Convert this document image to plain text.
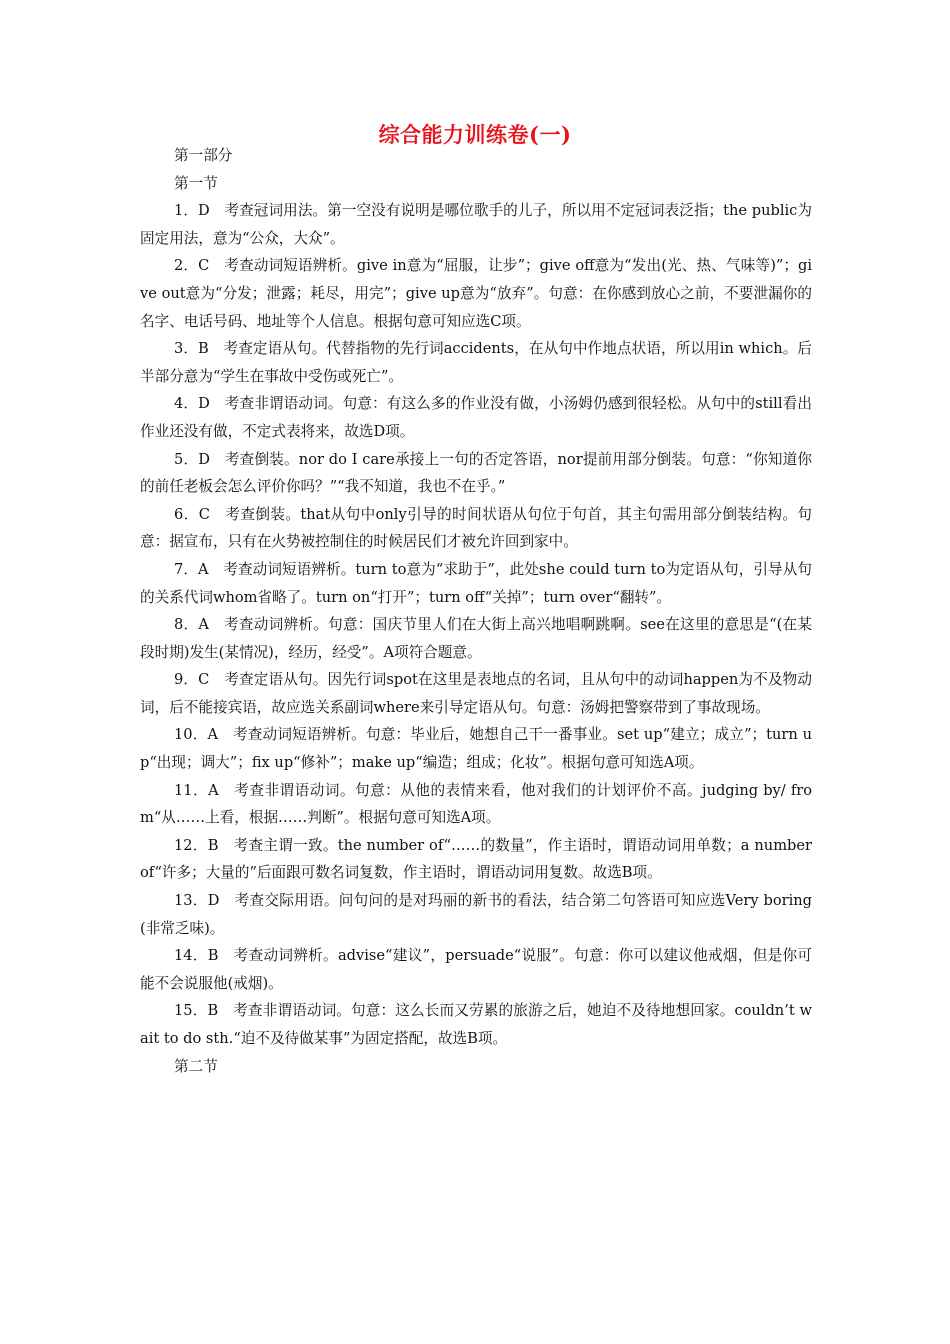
综合能力训练卷(一)

第一部分

第一节

1．D　考查冠词用法。第一空没有说明是哪位歌手的儿子，所以用不定冠词表泛指；the public为固定用法，意为“公众，大众”。

2．C　考查动词短语辨析。give in意为“屈服，让步”；give off意为“发出(光、热、气味等)”；give out意为“分发；泄露；耗尽，用完”；give up意为“放弃”。句意：在你感到放心之前，不要泄漏你的名字、电话号码、地址等个人信息。根据句意可知应选C项。

3．B　考查定语从句。代替指物的先行词accidents，在从句中作地点状语，所以用in which。后半部分意为“学生在事故中受伤或死亡”。

4．D　考查非谓语动词。句意：有这么多的作业没有做，小汤姆仍感到很轻松。从句中的still看出作业还没有做，不定式表将来，故选D项。

5．D　考查倒装。nor do I care承接上一句的否定答语，nor提前用部分倒装。句意：“你知道你的前任老板会怎么评价你吗？”“我不知道，我也不在乎。”

6．C　考查倒装。that从句中only引导的时间状语从句位于句首，其主句需用部分倒装结构。句意：据宣布，只有在火势被控制住的时候居民们才被允许回到家中。

7．A　考查动词短语辨析。turn to意为“求助于”，此处she could turn to为定语从句，引导从句的关系代词whom省略了。turn on“打开”；turn off“关掉”；turn over“翻转”。

8．A　考查动词辨析。句意：国庆节里人们在大街上高兴地唱啊跳啊。see在这里的意思是“(在某段时期)发生(某情况)，经历，经受”。A项符合题意。

9．C　考查定语从句。因先行词spot在这里是表地点的名词，且从句中的动词happen为不及物动词，后不能接宾语，故应选关系副词where来引导定语从句。句意：汤姆把警察带到了事故现场。

10．A　考查动词短语辨析。句意：毕业后，她想自己干一番事业。set up“建立；成立”；turn up“出现；调大”；fix up“修补”；make up“编造；组成；化妆”。根据句意可知选A项。

11．A　考查非谓语动词。句意：从他的表情来看，他对我们的计划评价不高。judging by/ from“从……上看，根据……判断”。根据句意可知选A项。

12．B　考查主谓一致。the number of“……的数量”，作主语时，谓语动词用单数；a number of“许多；大量的”后面跟可数名词复数，作主语时，谓语动词用复数。故选B项。

13．D　考查交际用语。问句问的是对玛丽的新书的看法，结合第二句答语可知应选Very boring(非常乏味)。

14．B　考查动词辨析。advise“建议”，persuade“说服”。句意：你可以建议他戒烟，但是你可能不会说服他(戒烟)。

15．B　考查非谓语动词。句意：这么长而又劳累的旅游之后，她迫不及待地想回家。couldn’t wait to do sth.“迫不及待做某事”为固定搭配，故选B项。

第二节
